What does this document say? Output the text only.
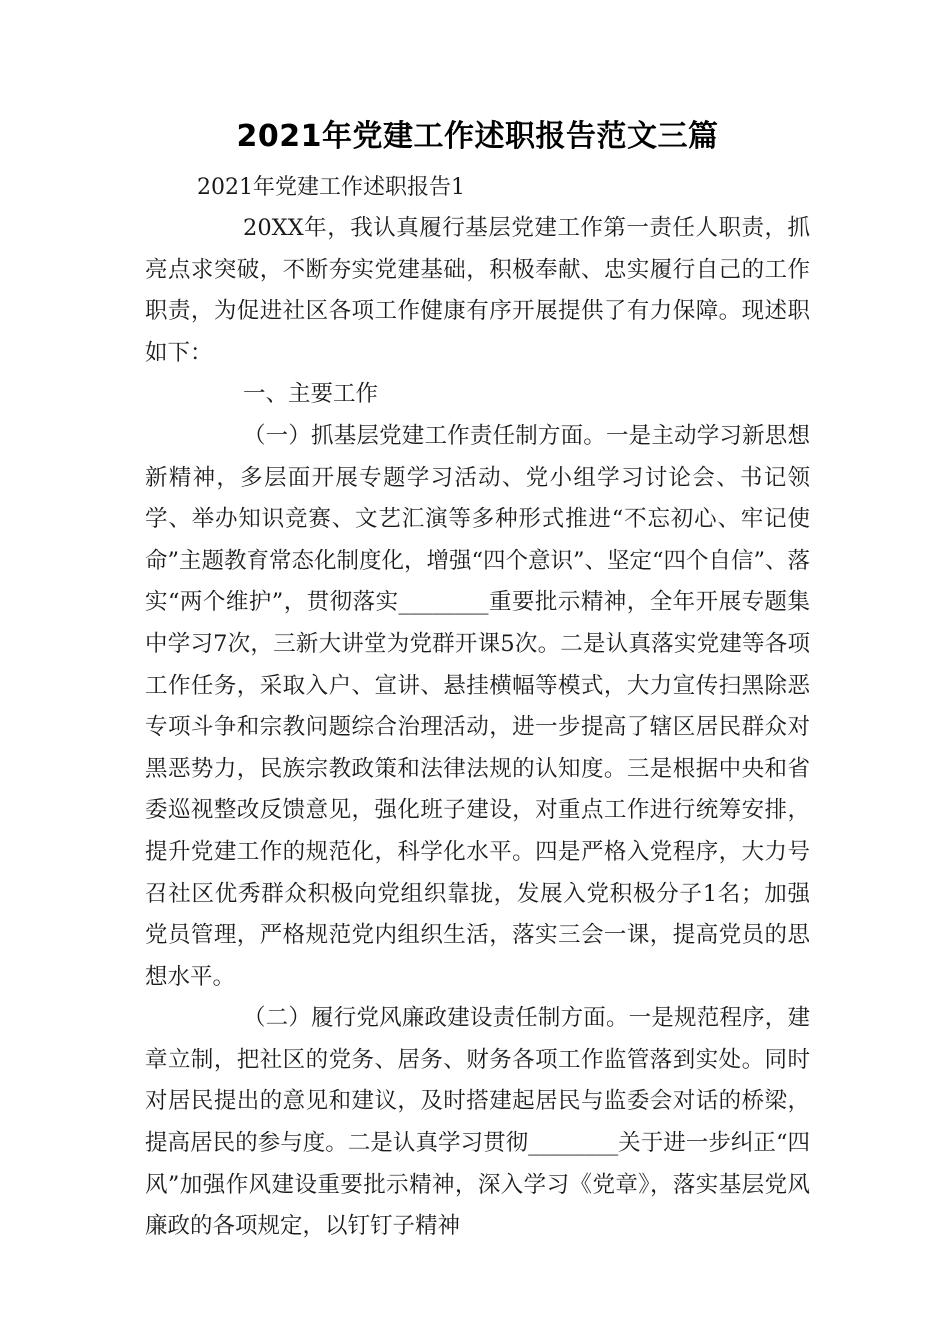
2021年党建工作述职报告范文三篇

2021年党建工作述职报告1

20XX年，我认真履行基层党建工作第一责任人职责，抓亮点求突破，不断夯实党建基础，积极奉献、忠实履行自己的工作职责，为促进社区各项工作健康有序开展提供了有力保障。现述职如下：

一、主要工作

（一）抓基层党建工作责任制方面。一是主动学习新思想新精神，多层面开展专题学习活动、党小组学习讨论会、书记领学、举办知识竞赛、文艺汇演等多种形式推进“不忘初心、牢记使命”主题教育常态化制度化，增强“四个意识”、坚定“四个自信”、落实“两个维护”，贯彻落实________重要批示精神，全年开展专题集中学习7次，三新大讲堂为党群开课5次。二是认真落实党建等各项工作任务，采取入户、宣讲、悬挂横幅等模式，大力宣传扫黑除恶专项斗争和宗教问题综合治理活动，进一步提高了辖区居民群众对黑恶势力，民族宗教政策和法律法规的认知度。三是根据中央和省委巡视整改反馈意见，强化班子建设，对重点工作进行统筹安排，提升党建工作的规范化，科学化水平。四是严格入党程序，大力号召社区优秀群众积极向党组织靠拢，发展入党积极分子1名；加强党员管理，严格规范党内组织生活，落实三会一课，提高党员的思想水平。

（二）履行党风廉政建设责任制方面。一是规范程序，建章立制，把社区的党务、居务、财务各项工作监管落到实处。同时对居民提出的意见和建议，及时搭建起居民与监委会对话的桥梁，提高居民的参与度。二是认真学习贯彻________关于进一步纠正“四风”加强作风建设重要批示精神，深入学习《党章》，落实基层党风廉政的各项规定，以钉钉子精神
